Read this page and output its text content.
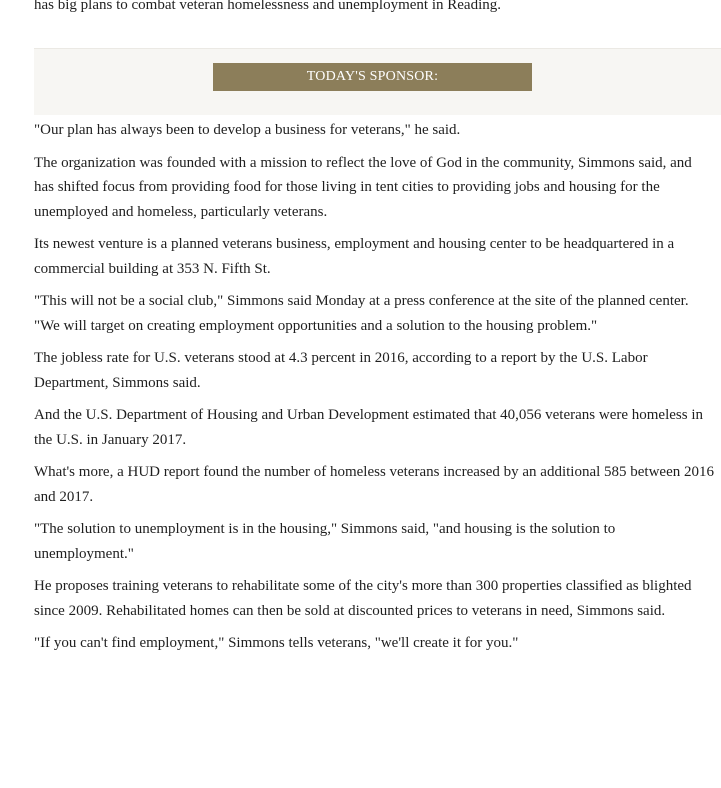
has big plans to combat veteran homelessness and unemployment in Reading.

TODAY'S SPONSOR:

"Our plan has always been to develop a business for veterans," he said.

The organization was founded with a mission to reflect the love of God in the community, Simmons said, and has shifted focus from providing food for those living in tent cities to providing jobs and housing for the unemployed and homeless, particularly veterans.

Its newest venture is a planned veterans business, employment and housing center to be headquartered in a commercial building at 353 N. Fifth St.

"This will not be a social club," Simmons said Monday at a press conference at the site of the planned center. "We will target on creating employment opportunities and a solution to the housing problem."

The jobless rate for U.S. veterans stood at 4.3 percent in 2016, according to a report by the U.S. Labor Department, Simmons said.

And the U.S. Department of Housing and Urban Development estimated that 40,056 veterans were homeless in the U.S. in January 2017.

What's more, a HUD report found the number of homeless veterans increased by an additional 585 between 2016 and 2017.

"The solution to unemployment is in the housing," Simmons said, "and housing is the solution to unemployment."

He proposes training veterans to rehabilitate some of the city's more than 300 properties classified as blighted since 2009. Rehabilitated homes can then be sold at discounted prices to veterans in need, Simmons said.

"If you can't find employment," Simmons tells veterans, "we'll create it for you."
